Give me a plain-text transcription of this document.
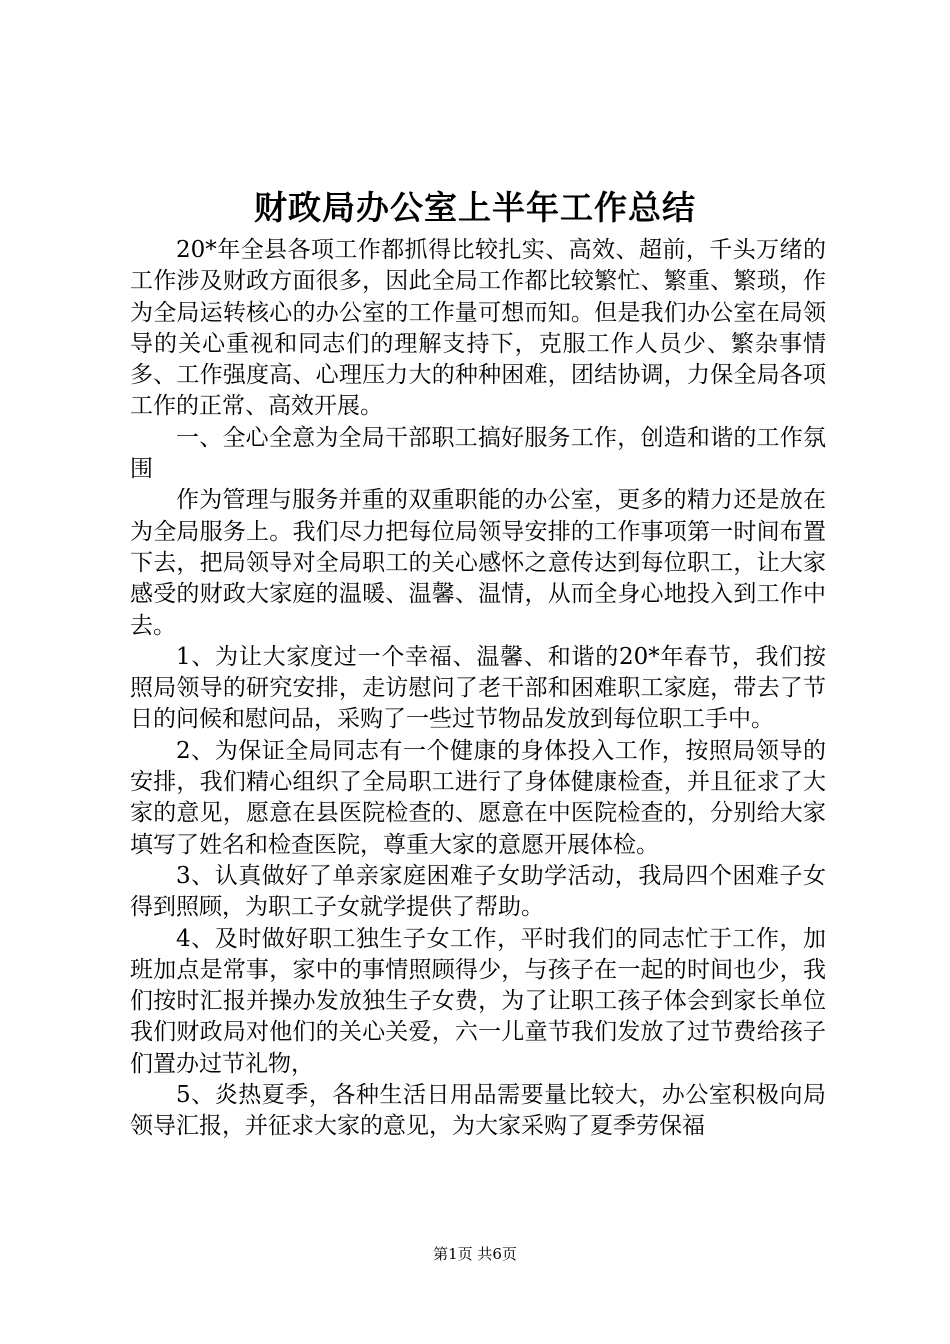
财政局办公室上半年工作总结

20*年全县各项工作都抓得比较扎实、高效、超前，千头万绪的工作涉及财政方面很多，因此全局工作都比较繁忙、繁重、繁琐，作为全局运转核心的办公室的工作量可想而知。但是我们办公室在局领导的关心重视和同志们的理解支持下，克服工作人员少、繁杂事情多、工作强度高、心理压力大的种种困难，团结协调，力保全局各项工作的正常、高效开展。

一、全心全意为全局干部职工搞好服务工作，创造和谐的工作氛围

作为管理与服务并重的双重职能的办公室，更多的精力还是放在为全局服务上。我们尽力把每位局领导安排的工作事项第一时间布置下去，把局领导对全局职工的关心感怀之意传达到每位职工，让大家感受的财政大家庭的温暖、温馨、温情，从而全身心地投入到工作中去。

1、为让大家度过一个幸福、温馨、和谐的20*年春节，我们按照局领导的研究安排，走访慰问了老干部和困难职工家庭，带去了节日的问候和慰问品，采购了一些过节物品发放到每位职工手中。

2、为保证全局同志有一个健康的身体投入工作，按照局领导的安排，我们精心组织了全局职工进行了身体健康检查，并且征求了大家的意见，愿意在县医院检查的、愿意在中医院检查的，分别给大家填写了姓名和检查医院，尊重大家的意愿开展体检。

3、认真做好了单亲家庭困难子女助学活动，我局四个困难子女得到照顾，为职工子女就学提供了帮助。

4、及时做好职工独生子女工作，平时我们的同志忙于工作，加班加点是常事，家中的事情照顾得少，与孩子在一起的时间也少，我们按时汇报并操办发放独生子女费，为了让职工孩子体会到家长单位我们财政局对他们的关心关爱，六一儿童节我们发放了过节费给孩子们置办过节礼物，

5、炎热夏季，各种生活日用品需要量比较大，办公室积极向局领导汇报，并征求大家的意见，为大家采购了夏季劳保福

第1页 共6页
